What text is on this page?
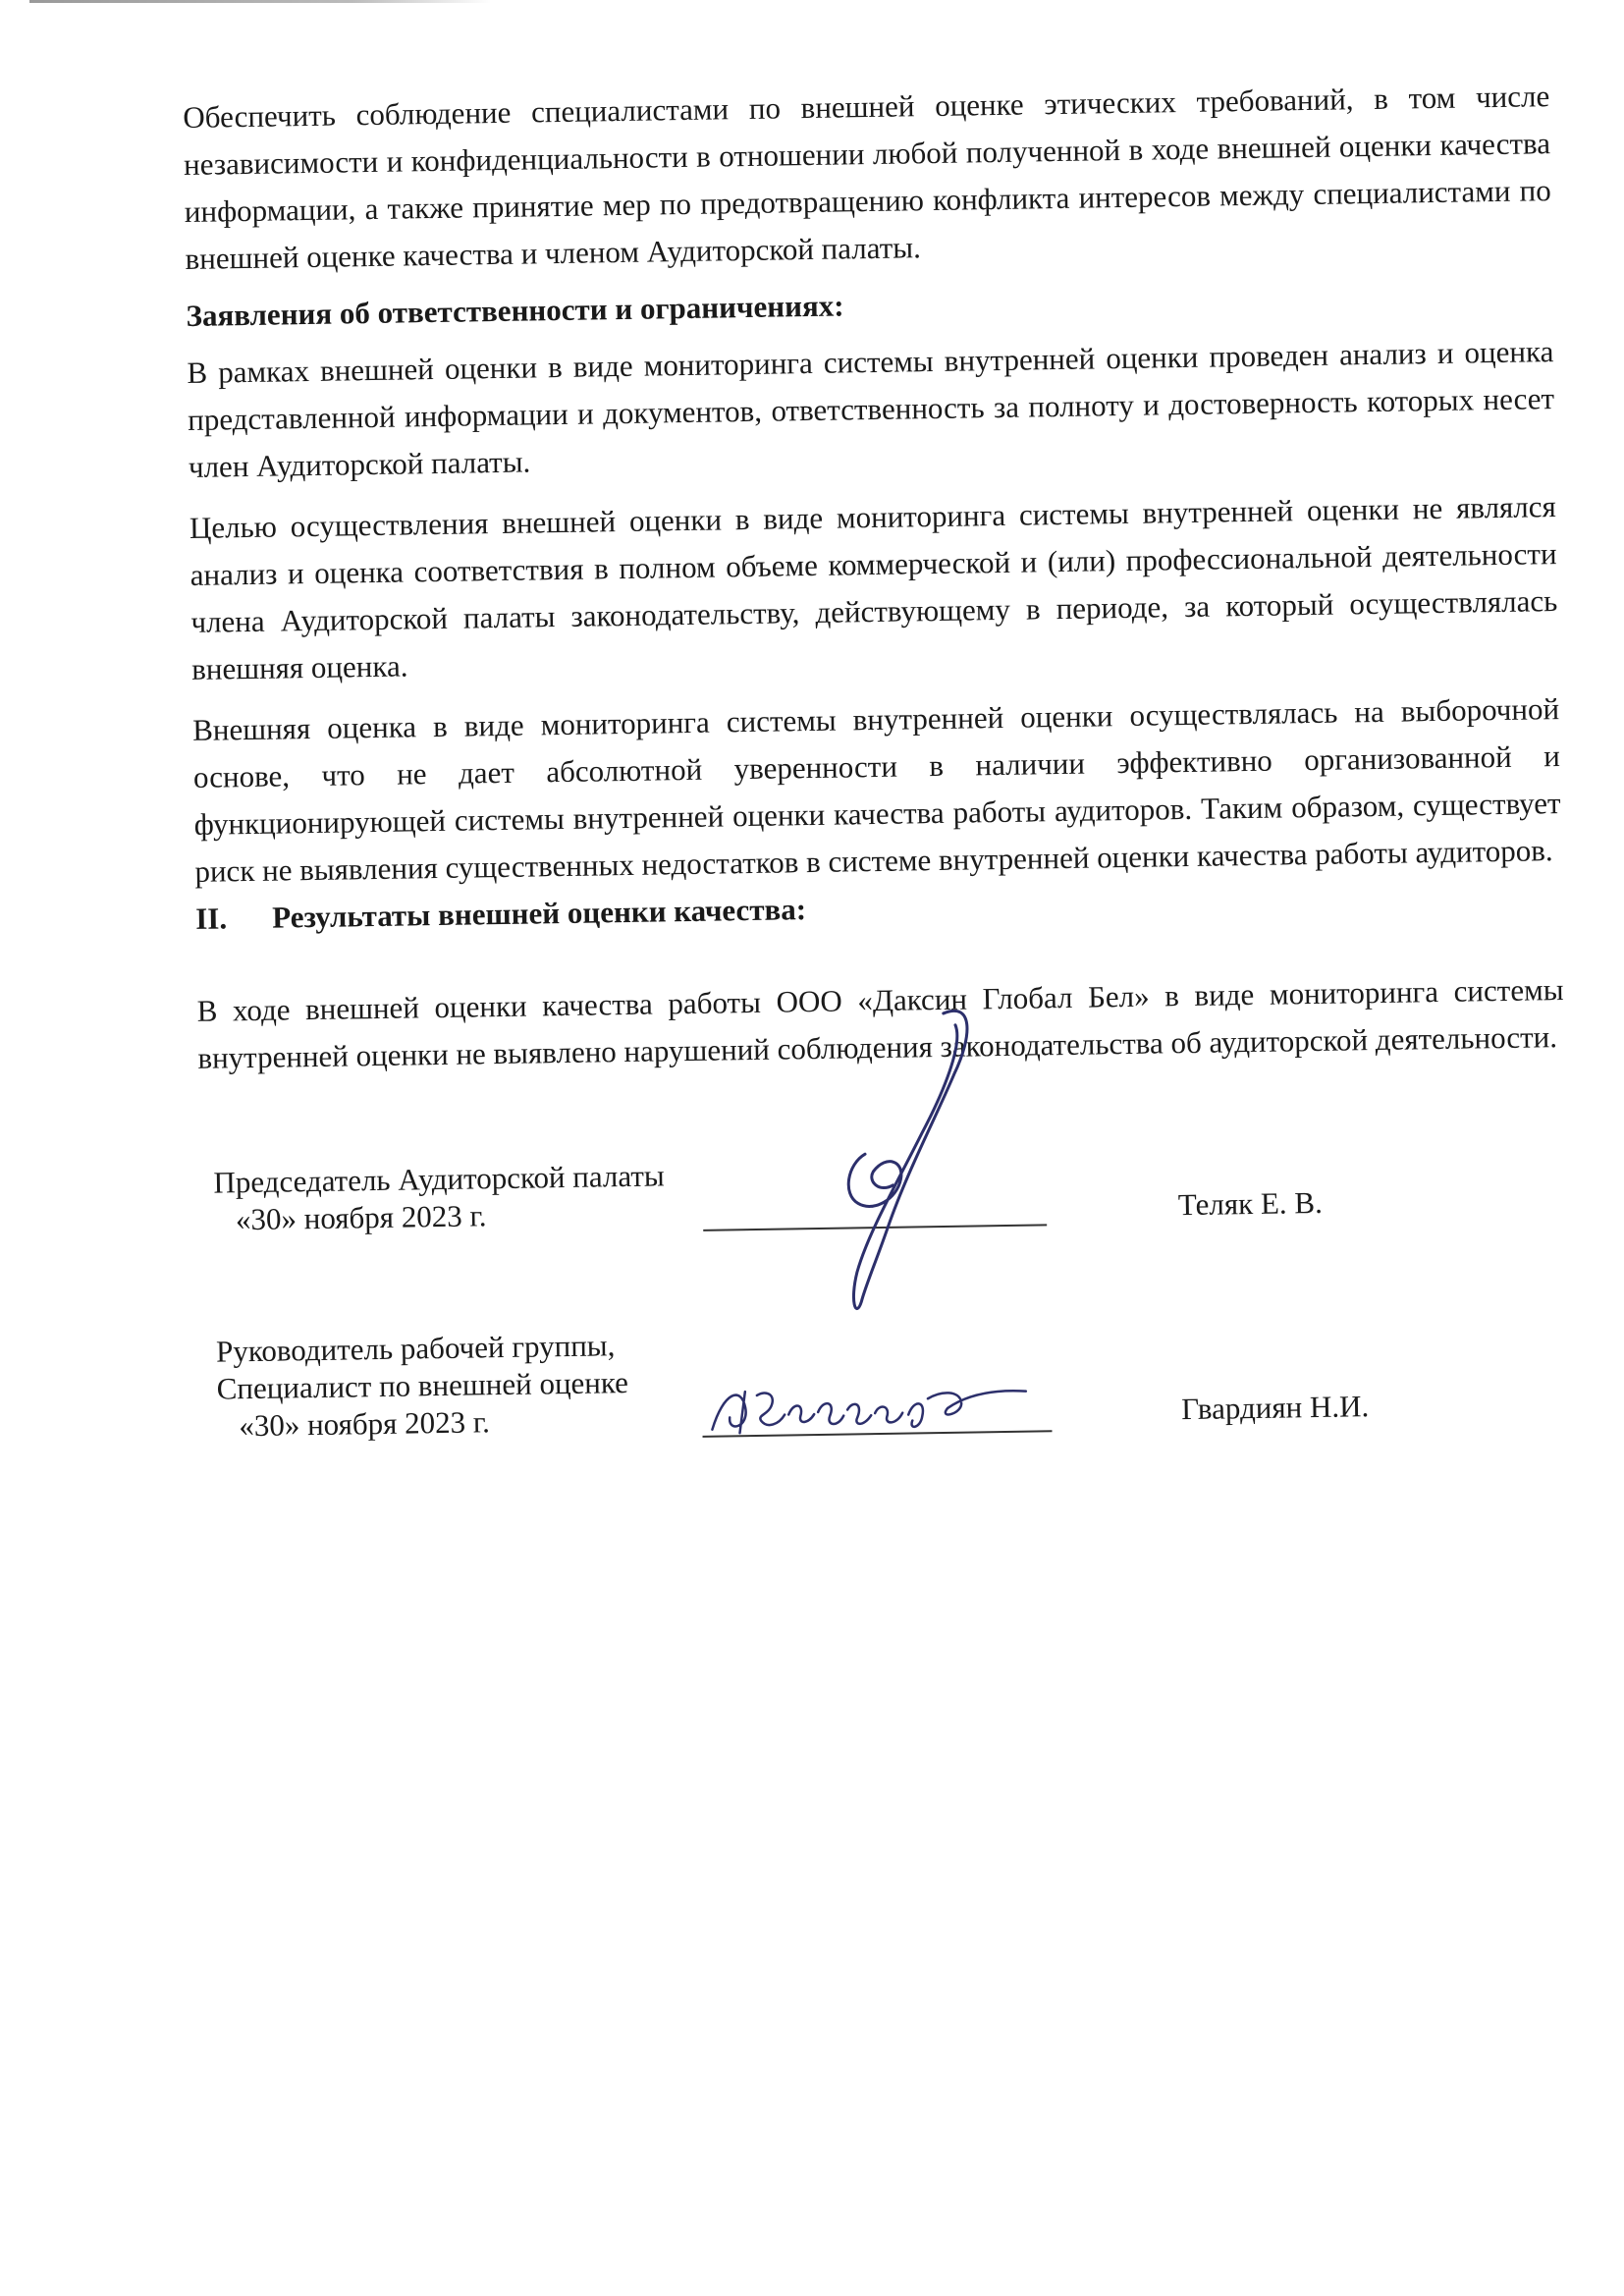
Обеспечить соблюдение специалистами по внешней оценке этических требований, в том числе независимости и конфиденциальности в отношении любой полученной в ходе внешней оценки качества информации, а также принятие мер по предотвращению конфликта интересов между специалистами по внешней оценке качества и членом Аудиторской палаты.

Заявления об ответственности и ограничениях:

В рамках внешней оценки в виде мониторинга системы внутренней оценки проведен анализ и оценка представленной информации и документов, ответственность за полноту и достоверность которых несет член Аудиторской палаты.

Целью осуществления внешней оценки в виде мониторинга системы внутренней оценки не являлся анализ и оценка соответствия в полном объеме коммерческой и (или) профессиональной деятельности члена Аудиторской палаты законодательству, действующему в периоде, за который осуществлялась внешняя оценка.

Внешняя оценка в виде мониторинга системы внутренней оценки осуществлялась на выборочной основе, что не дает абсолютной уверенности в наличии эффективно организованной и функционирующей системы внутренней оценки качества работы аудиторов. Таким образом, существует риск не выявления существенных недостатков в системе внутренней оценки качества работы аудиторов.

II.	Результаты внешней оценки качества:

В ходе внешней оценки качества работы ООО «Даксин Глобал Бел» в виде мониторинга системы внутренней оценки не выявлено нарушений соблюдения законодательства об аудиторской деятельности.

Председатель Аудиторской палаты
«30» ноября 2023 г.	Теляк Е. В.
Руководитель рабочей группы,
Специалист по внешней оценке
«30» ноября 2023 г.	Гвардиян Н.И.
